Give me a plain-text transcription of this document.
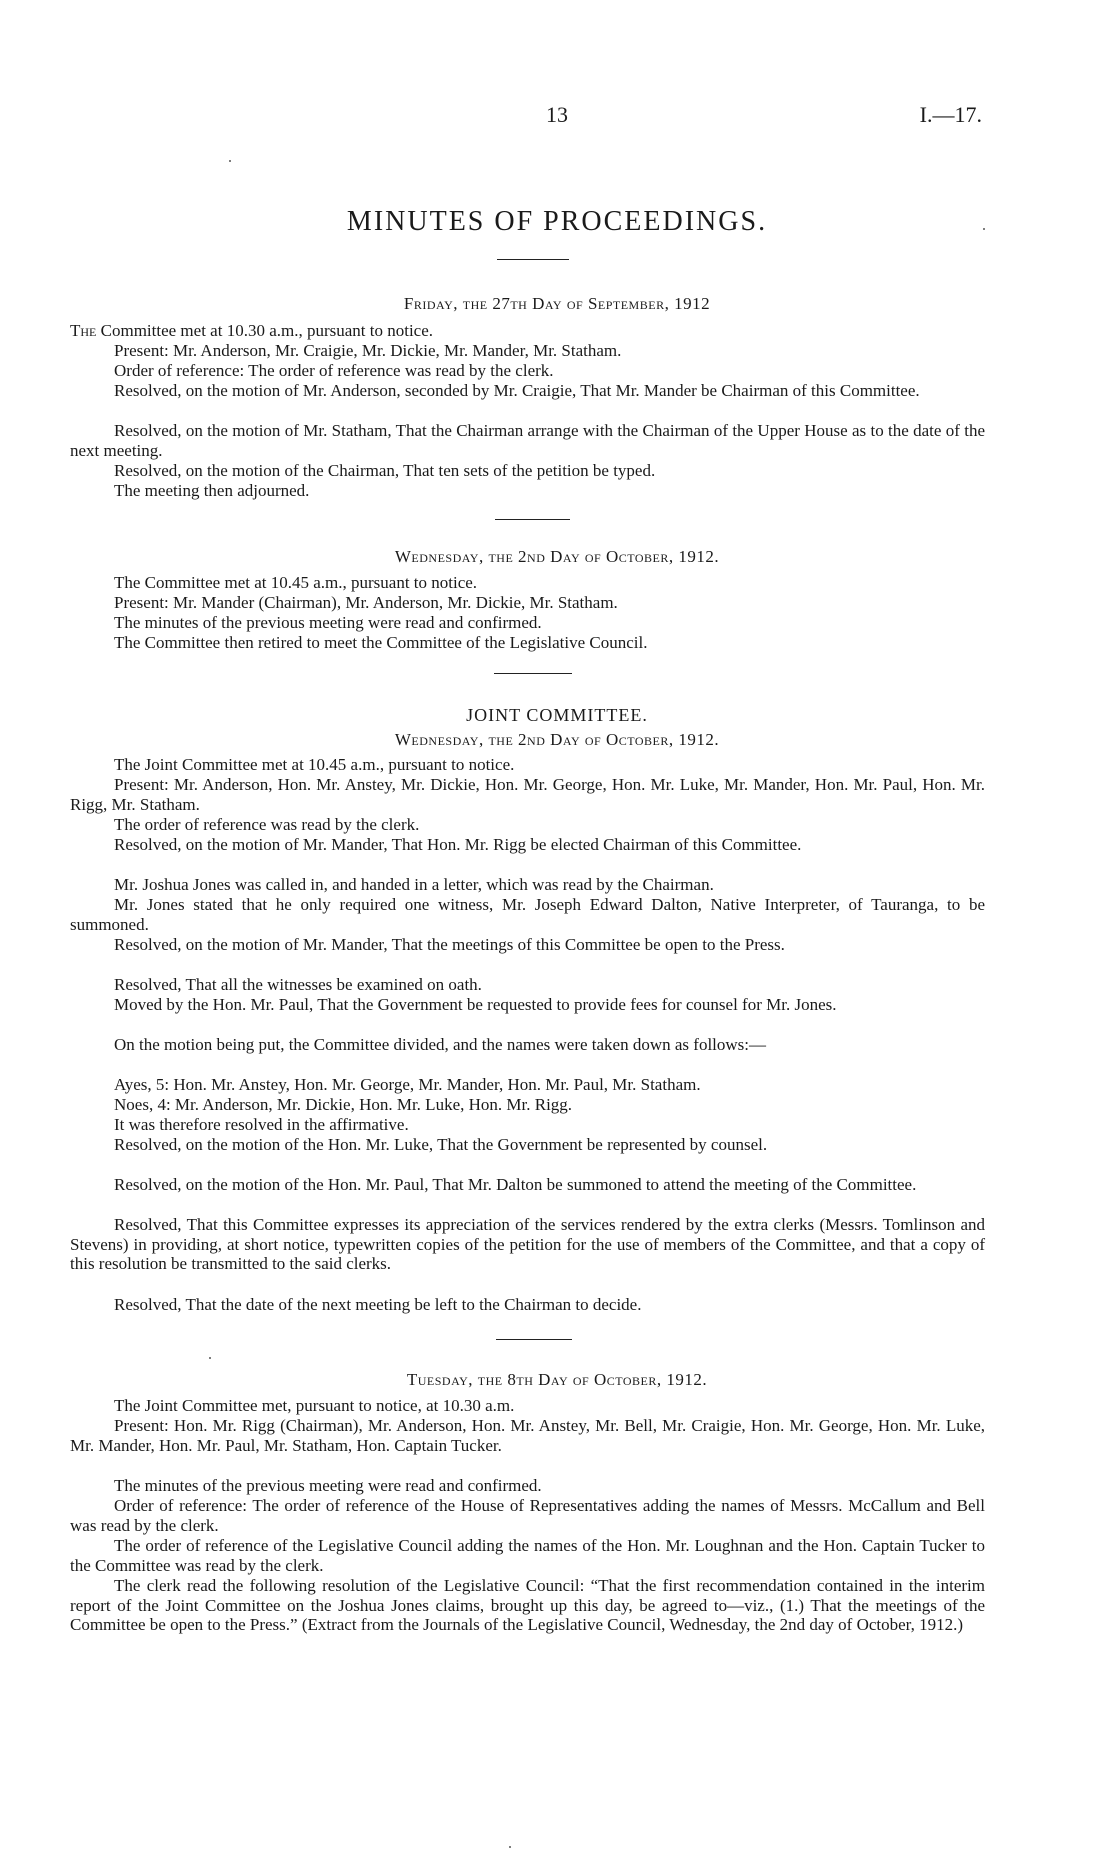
13	I.—17.
MINUTES OF PROCEEDINGS.
Friday, the 27th Day of September, 1912
The Committee met at 10.30 a.m., pursuant to notice.
Present: Mr. Anderson, Mr. Craigie, Mr. Dickie, Mr. Mander, Mr. Statham.
Order of reference: The order of reference was read by the clerk.
Resolved, on the motion of Mr. Anderson, seconded by Mr. Craigie, That Mr. Mander be Chairman of this Committee.
Resolved, on the motion of Mr. Statham, That the Chairman arrange with the Chairman of the Upper House as to the date of the next meeting.
Resolved, on the motion of the Chairman, That ten sets of the petition be typed.
The meeting then adjourned.
Wednesday, the 2nd Day of October, 1912.
The Committee met at 10.45 a.m., pursuant to notice.
Present: Mr. Mander (Chairman), Mr. Anderson, Mr. Dickie, Mr. Statham.
The minutes of the previous meeting were read and confirmed.
The Committee then retired to meet the Committee of the Legislative Council.
JOINT COMMITTEE.
Wednesday, the 2nd Day of October, 1912.
The Joint Committee met at 10.45 a.m., pursuant to notice.
Present: Mr. Anderson, Hon. Mr. Anstey, Mr. Dickie, Hon. Mr. George, Hon. Mr. Luke, Mr. Mander, Hon. Mr. Paul, Hon. Mr. Rigg, Mr. Statham.
The order of reference was read by the clerk.
Resolved, on the motion of Mr. Mander, That Hon. Mr. Rigg be elected Chairman of this Committee.
Mr. Joshua Jones was called in, and handed in a letter, which was read by the Chairman.
Mr. Jones stated that he only required one witness, Mr. Joseph Edward Dalton, Native Interpreter, of Tauranga, to be summoned.
Resolved, on the motion of Mr. Mander, That the meetings of this Committee be open to the Press.
Resolved, That all the witnesses be examined on oath.
Moved by the Hon. Mr. Paul, That the Government be requested to provide fees for counsel for Mr. Jones.
On the motion being put, the Committee divided, and the names were taken down as follows:—
Ayes, 5: Hon. Mr. Anstey, Hon. Mr. George, Mr. Mander, Hon. Mr. Paul, Mr. Statham.
Noes, 4: Mr. Anderson, Mr. Dickie, Hon. Mr. Luke, Hon. Mr. Rigg.
It was therefore resolved in the affirmative.
Resolved, on the motion of the Hon. Mr. Luke, That the Government be represented by counsel.
Resolved, on the motion of the Hon. Mr. Paul, That Mr. Dalton be summoned to attend the meeting of the Committee.
Resolved, That this Committee expresses its appreciation of the services rendered by the extra clerks (Messrs. Tomlinson and Stevens) in providing, at short notice, typewritten copies of the petition for the use of members of the Committee, and that a copy of this resolution be transmitted to the said clerks.
Resolved, That the date of the next meeting be left to the Chairman to decide.
Tuesday, the 8th Day of October, 1912.
The Joint Committee met, pursuant to notice, at 10.30 a.m.
Present: Hon. Mr. Rigg (Chairman), Mr. Anderson, Hon. Mr. Anstey, Mr. Bell, Mr. Craigie, Hon. Mr. George, Hon. Mr. Luke, Mr. Mander, Hon. Mr. Paul, Mr. Statham, Hon. Captain Tucker.
The minutes of the previous meeting were read and confirmed.
Order of reference: The order of reference of the House of Representatives adding the names of Messrs. McCallum and Bell was read by the clerk.
The order of reference of the Legislative Council adding the names of the Hon. Mr. Loughnan and the Hon. Captain Tucker to the Committee was read by the clerk.
The clerk read the following resolution of the Legislative Council: “That the first recommendation contained in the interim report of the Joint Committee on the Joshua Jones claims, brought up this day, be agreed to—viz., (1.) That the meetings of the Committee be open to the Press.” (Extract from the Journals of the Legislative Council, Wednesday, the 2nd day of October, 1912.)
